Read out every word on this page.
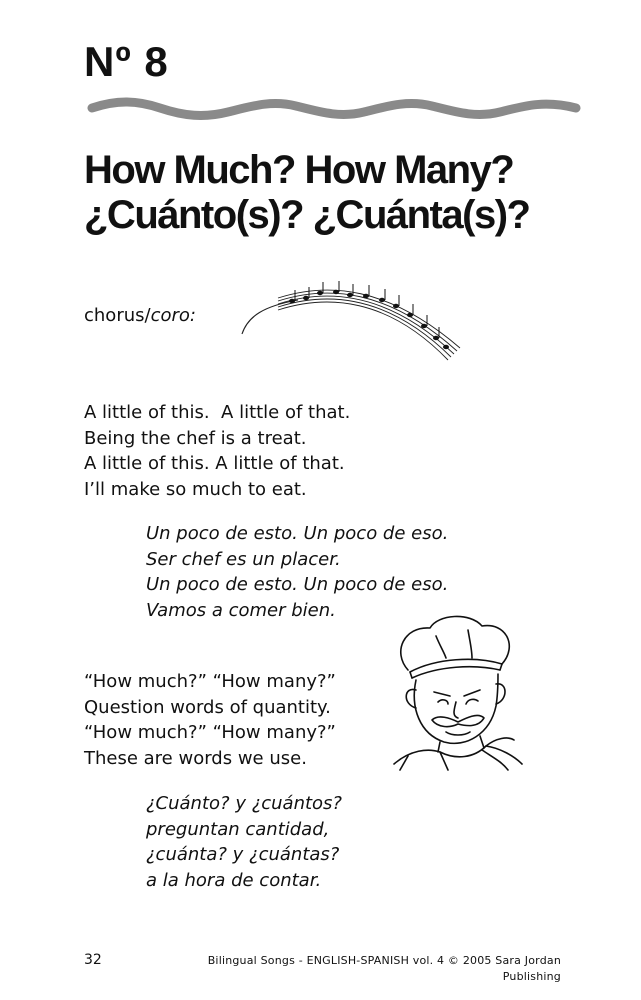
Nº 8
How Much? How Many?
¿Cuánto(s)? ¿Cuánta(s)?
chorus/coro:
A little of this.  A little of that.
Being the chef is a treat.
A little of this. A little of that.
I’ll make so much to eat.
Un poco de esto. Un poco de eso.
Ser chef es un placer.
Un poco de esto. Un poco de eso.
Vamos a comer bien.
“How much?” “How many?”
Question words of quantity.
“How much?” “How many?”
These are words we use.
¿Cuánto? y ¿cuántos?
preguntan cantidad,
¿cuánta? y ¿cuántas?
a la hora de contar.
32	Bilingual Songs - ENGLISH-SPANISH vol. 4 © 2005 Sara Jordan Publishing
